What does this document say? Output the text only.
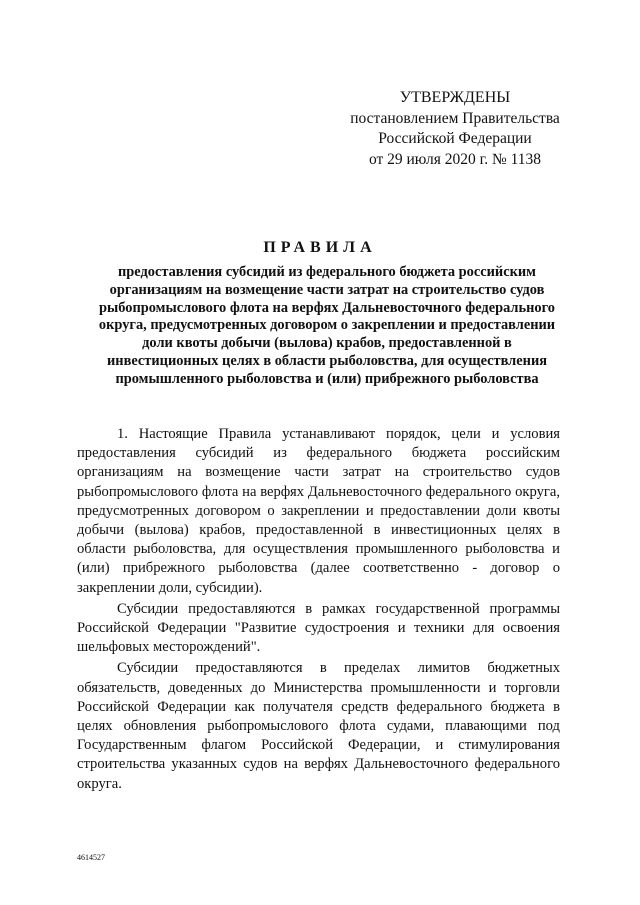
УТВЕРЖДЕНЫ
постановлением Правительства
Российской Федерации
от 29 июля 2020 г. № 1138
ПРАВИЛА
предоставления субсидий из федерального бюджета российским организациям на возмещение части затрат на строительство судов рыбопромыслового флота на верфях Дальневосточного федерального округа, предусмотренных договором о закреплении и предоставлении доли квоты добычи (вылова) крабов, предоставленной в инвестиционных целях в области рыболовства, для осуществления промышленного рыболовства и (или) прибрежного рыболовства

1. Настоящие Правила устанавливают порядок, цели и условия предоставления субсидий из федерального бюджета российским организациям на возмещение части затрат на строительство судов рыбопромыслового флота на верфях Дальневосточного федерального округа, предусмотренных договором о закреплении и предоставлении доли квоты добычи (вылова) крабов, предоставленной в инвестиционных целях в области рыболовства, для осуществления промышленного рыболовства и (или) прибрежного рыболовства (далее соответственно - договор о закреплении доли, субсидии).

Субсидии предоставляются в рамках государственной программы Российской Федерации "Развитие судостроения и техники для освоения шельфовых месторождений".

Субсидии предоставляются в пределах лимитов бюджетных обязательств, доведенных до Министерства промышленности и торговли Российской Федерации как получателя средств федерального бюджета в целях обновления рыбопромыслового флота судами, плавающими под Государственным флагом Российской Федерации, и стимулирования строительства указанных судов на верфях Дальневосточного федерального округа.

4614527
